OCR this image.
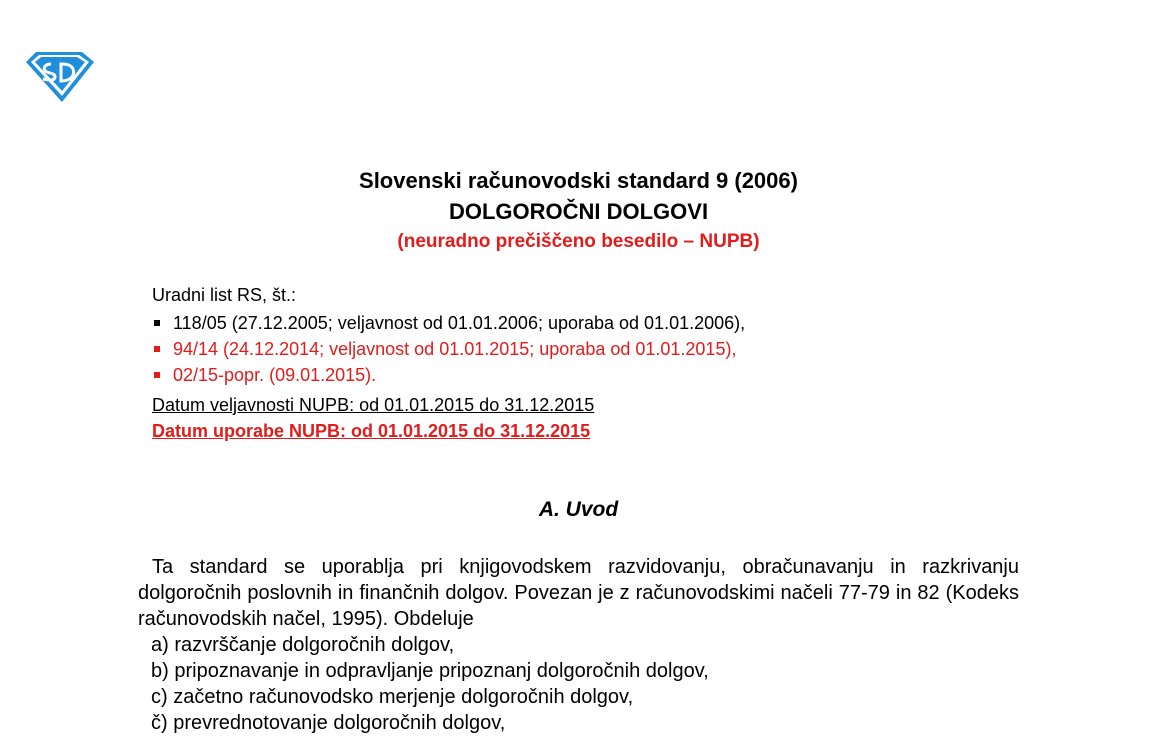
Slovenski računovodski standard 9 (2006)
DOLGOROČNI DOLGOVI
(neuradno prečiščeno besedilo – NUPB)
Uradni list RS, št.:
118/05 (27.12.2005; veljavnost od 01.01.2006; uporaba od 01.01.2006),
94/14 (24.12.2014; veljavnost od 01.01.2015; uporaba od 01.01.2015),
02/15-popr. (09.01.2015).
Datum veljavnosti NUPB: od 01.01.2015 do 31.12.2015
Datum uporabe NUPB: od 01.01.2015 do 31.12.2015
A. Uvod

Ta standard se uporablja pri knjigovodskem razvidovanju, obračunavanju in razkrivanju dolgoročnih poslovnih in finančnih dolgov. Povezan je z računovodskimi načeli 77-79 in 82 (Kodeks računovodskih načel, 1995). Obdeluje

a) razvrščanje dolgoročnih dolgov,
b) pripoznavanje in odpravljanje pripoznanj dolgoročnih dolgov,
c) začetno računovodsko merjenje dolgoročnih dolgov,
č) prevrednotovanje dolgoročnih dolgov,
